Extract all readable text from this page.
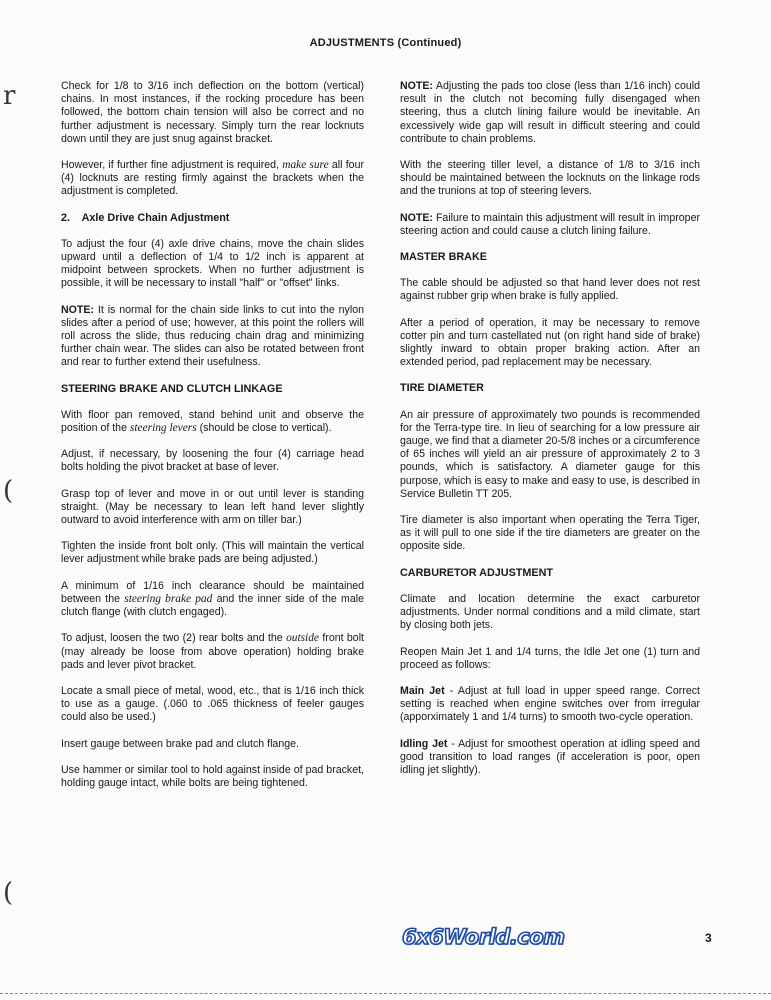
ADJUSTMENTS (Continued)
r
(
(

Check for 1/8 to 3/16 inch deflection on the bottom (vertical) chains. In most instances, if the rocking procedure has been followed, the bottom chain tension will also be correct and no further adjustment is necessary. Simply turn the rear locknuts down until they are just snug against bracket.

However, if further fine adjustment is required, make sure all four (4) locknuts are resting firmly against the brackets when the adjustment is completed.

2.    Axle Drive Chain Adjustment

To adjust the four (4) axle drive chains, move the chain slides upward until a deflection of 1/4 to 1/2 inch is apparent at midpoint between sprockets. When no further adjustment is possible, it will be necessary to install "half" or "offset" links.

NOTE: It is normal for the chain side links to cut into the nylon slides after a period of use; however, at this point the rollers will roll across the slide, thus reducing chain drag and minimizing further chain wear. The slides can also be rotated between front and rear to further extend their usefulness.

STEERING BRAKE AND CLUTCH LINKAGE

With floor pan removed, stand behind unit and observe the position of the steering levers (should be close to vertical).

Adjust, if necessary, by loosening the four (4) carriage head bolts holding the pivot bracket at base of lever.

Grasp top of lever and move in or out until lever is standing straight. (May be necessary to lean left hand lever slightly outward to avoid interference with arm on tiller bar.)

Tighten the inside front bolt only. (This will maintain the vertical lever adjustment while brake pads are being adjusted.)

A minimum of 1/16 inch clearance should be maintained between the steering brake pad and the inner side of the male clutch flange (with clutch engaged).

To adjust, loosen the two (2) rear bolts and the outside front bolt (may already be loose from above operation) holding brake pads and lever pivot bracket.

Locate a small piece of metal, wood, etc., that is 1/16 inch thick to use as a gauge. (.060 to .065 thickness of feeler gauges could also be used.)

Insert gauge between brake pad and clutch flange.

Use hammer or similar tool to hold against inside of pad bracket, holding gauge intact, while bolts are being tightened.

NOTE: Adjusting the pads too close (less than 1/16 inch) could result in the clutch not becoming fully disengaged when steering, thus a clutch lining failure would be inevitable. An excessively wide gap will result in difficult steering and could contribute to chain problems.

With the steering tiller level, a distance of 1/8 to 3/16 inch should be maintained between the locknuts on the linkage rods and the trunions at top of steering levers.

NOTE: Failure to maintain this adjustment will result in improper steering action and could cause a clutch lining failure.

MASTER BRAKE

The cable should be adjusted so that hand lever does not rest against rubber grip when brake is fully applied.

After a period of operation, it may be necessary to remove cotter pin and turn castellated nut (on right hand side of brake) slightly inward to obtain proper braking action. After an extended period, pad replacement may be necessary.

TIRE DIAMETER

An air pressure of approximately two pounds is recommended for the Terra-type tire. In lieu of searching for a low pressure air gauge, we find that a diameter 20-5/8 inches or a circumference of 65 inches will yield an air pressure of approximately 2 to 3 pounds, which is satisfactory. A diameter gauge for this purpose, which is easy to make and easy to use, is described in Service Bulletin TT 205.

Tire diameter is also important when operating the Terra Tiger, as it will pull to one side if the tire diameters are greater on the opposite side.

CARBURETOR ADJUSTMENT

Climate and location determine the exact carburetor adjustments. Under normal conditions and a mild climate, start by closing both jets.

Reopen Main Jet 1 and 1/4 turns, the Idle Jet one (1) turn and proceed as follows:

Main Jet - Adjust at full load in upper speed range. Correct setting is reached when engine switches over from irregular (apporximately 1 and 1/4 turns) to smooth two-cycle operation.

Idling Jet - Adjust for smoothest operation at idling speed and good transition to load ranges (if acceleration is poor, open idling jet slightly).

6x6World.com	3
